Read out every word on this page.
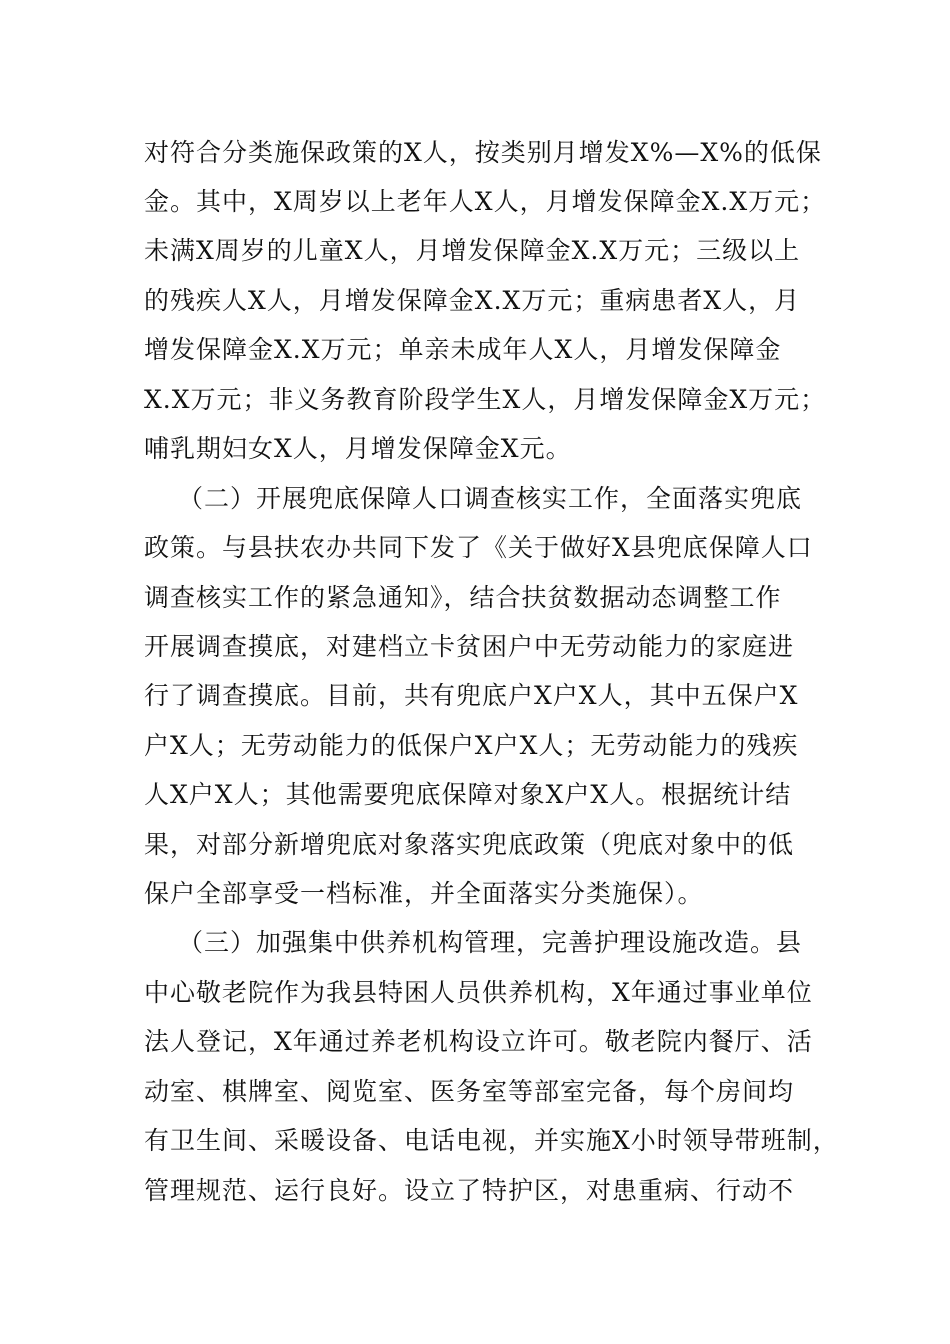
对符合分类施保政策的X人，按类别月增发X%—X%的低保
金。其中，X周岁以上老年人X人，月增发保障金X.X万元；
未满X周岁的儿童X人，月增发保障金X.X万元；三级以上
的残疾人X人，月增发保障金X.X万元；重病患者X人，月
增发保障金X.X万元；单亲未成年人X人，月增发保障金
X.X万元；非义务教育阶段学生X人，月增发保障金X万元；
哺乳期妇女X人，月增发保障金X元。
（二）开展兜底保障人口调查核实工作，全面落实兜底
政策。与县扶农办共同下发了《关于做好X县兜底保障人口
调查核实工作的紧急通知》，结合扶贫数据动态调整工作
开展调查摸底，对建档立卡贫困户中无劳动能力的家庭进
行了调查摸底。目前，共有兜底户X户X人，其中五保户X
户X人；无劳动能力的低保户X户X人；无劳动能力的残疾
人X户X人；其他需要兜底保障对象X户X人。根据统计结
果，对部分新增兜底对象落实兜底政策（兜底对象中的低
保户全部享受一档标准，并全面落实分类施保）。
（三）加强集中供养机构管理，完善护理设施改造。县
中心敬老院作为我县特困人员供养机构，X年通过事业单位
法人登记，X年通过养老机构设立许可。敬老院内餐厅、活
动室、棋牌室、阅览室、医务室等部室完备，每个房间均
有卫生间、采暖设备、电话电视，并实施X小时领导带班制，
管理规范、运行良好。设立了特护区，对患重病、行动不
